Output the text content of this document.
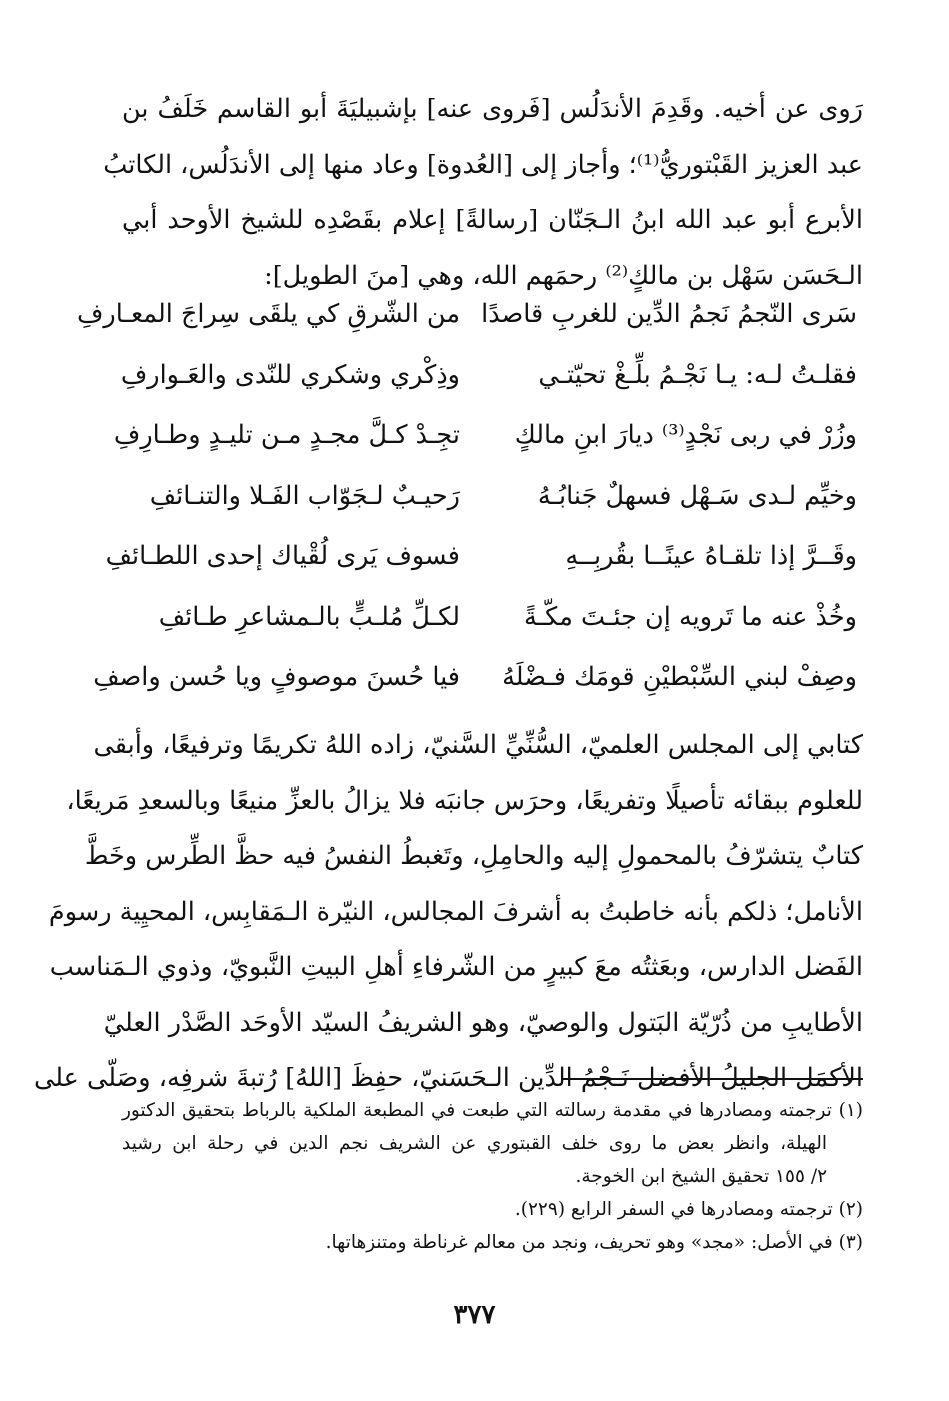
رَوى عن أخيه. وقَدِمَ الأندَلُس [فَروى عنه] بإشبيليَةَ أبو القاسم خَلَفُ بن
عبد العزيز القَبْتوريُّ⁽¹⁾؛ وأجاز إلى [العُدوة] وعاد منها إلى الأندَلُس، الكاتبُ
الأبرع أبو عبد الله ابنُ الـجَنّان [رسالةً] إعلام بقَصْدِه للشيخ الأوحد أبي
الـحَسَن سَهْل بن مالكٍ⁽²⁾ رحمَهم الله، وهي [منَ الطويل]:
سَرى النّجمُ نَجمُ الدِّين للغربِ قاصدًا
من الشّرقِ كي يلقَى سِراجَ المعـارفِ
فقلـتُ لـه: يـا نَجْـمُ بلِّـغْ تحيّتـي
وذِكْري وشكري للنّدى والعَـوارفِ
وزُرْ في ربى نَجْدٍ⁽³⁾ ديارَ ابنِ مالكٍ
تجِـدْ كـلَّ مجـدٍ مـن تليـدٍ وطـارِفِ
وخيِّم لـدى سَـهْل فسهلٌ جَنابُـهُ
رَحيـبٌ لـجَوّاب الفَـلا والتنـائفِ
وقَــرَّ إذا تلقـاهُ عينًــا بقُربِــهِ
فسوف يَرى لُقْياك إحدى اللطـائفِ
وخُذْ عنه ما تَرويه إن جئـتَ مكّـةً
لكـلِّ مُلـبٍّ بالـمشاعرِ طـائفِ
وصِفْ لبني السِّبْطيْنِ قومَك فـضْلَهُ
فيا حُسنَ موصوفٍ ويا حُسن واصفِ
كتابي إلى المجلس العلميّ، السُّنِّيِّ السَّنيّ، زاده اللهُ تكريمًا وترفيعًا، وأبقى
للعلوم ببقائه تأصيلًا وتفريعًا، وحرَس جانبَه فلا يزالُ بالعزِّ منيعًا وبالسعدِ مَريعًا،
كتابٌ يتشرّفُ بالمحمولِ إليه والحامِلِ، وتَغبطُ النفسُ فيه حظَّ الطِّرس وخَطَّ
الأنامل؛ ذلكم بأنه خاطبتُ به أشرفَ المجالس، النيّرة الـمَقابِس، المحيِية رسومَ
الفَضل الدارس، وبعَثتُه معَ كبيرٍ من الشّرفاءِ أهلِ البيتِ النَّبويّ، وذوي الـمَناسب
الأطايبِ من ذُرّيّة البَتول والوصيّ، وهو الشريفُ السيّد الأوحَد الصَّدْر العليّ
الأكمَل الجليلُ الأفضل نَـجْمُ الدِّين الـحَسَنيّ، حفِظَ [اللهُ] رُتبةَ شرفِه، وصَلّى على
(١) ترجمته ومصادرها في مقدمة رسالته التي طبعت في المطبعة الملكية بالرباط بتحقيق الدكتور
الهيلة، وانظر بعض ما روى خلف القبتوري عن الشريف نجم الدين في رحلة ابن رشيد
٢/ ١٥٥ تحقيق الشيخ ابن الخوجة.
(٢) ترجمته ومصادرها في السفر الرابع (٢٢٩).
(٣) في الأصل: «مجد» وهو تحريف، ونجد من معالم غرناطة ومتنزهاتها.
٣٧٧
